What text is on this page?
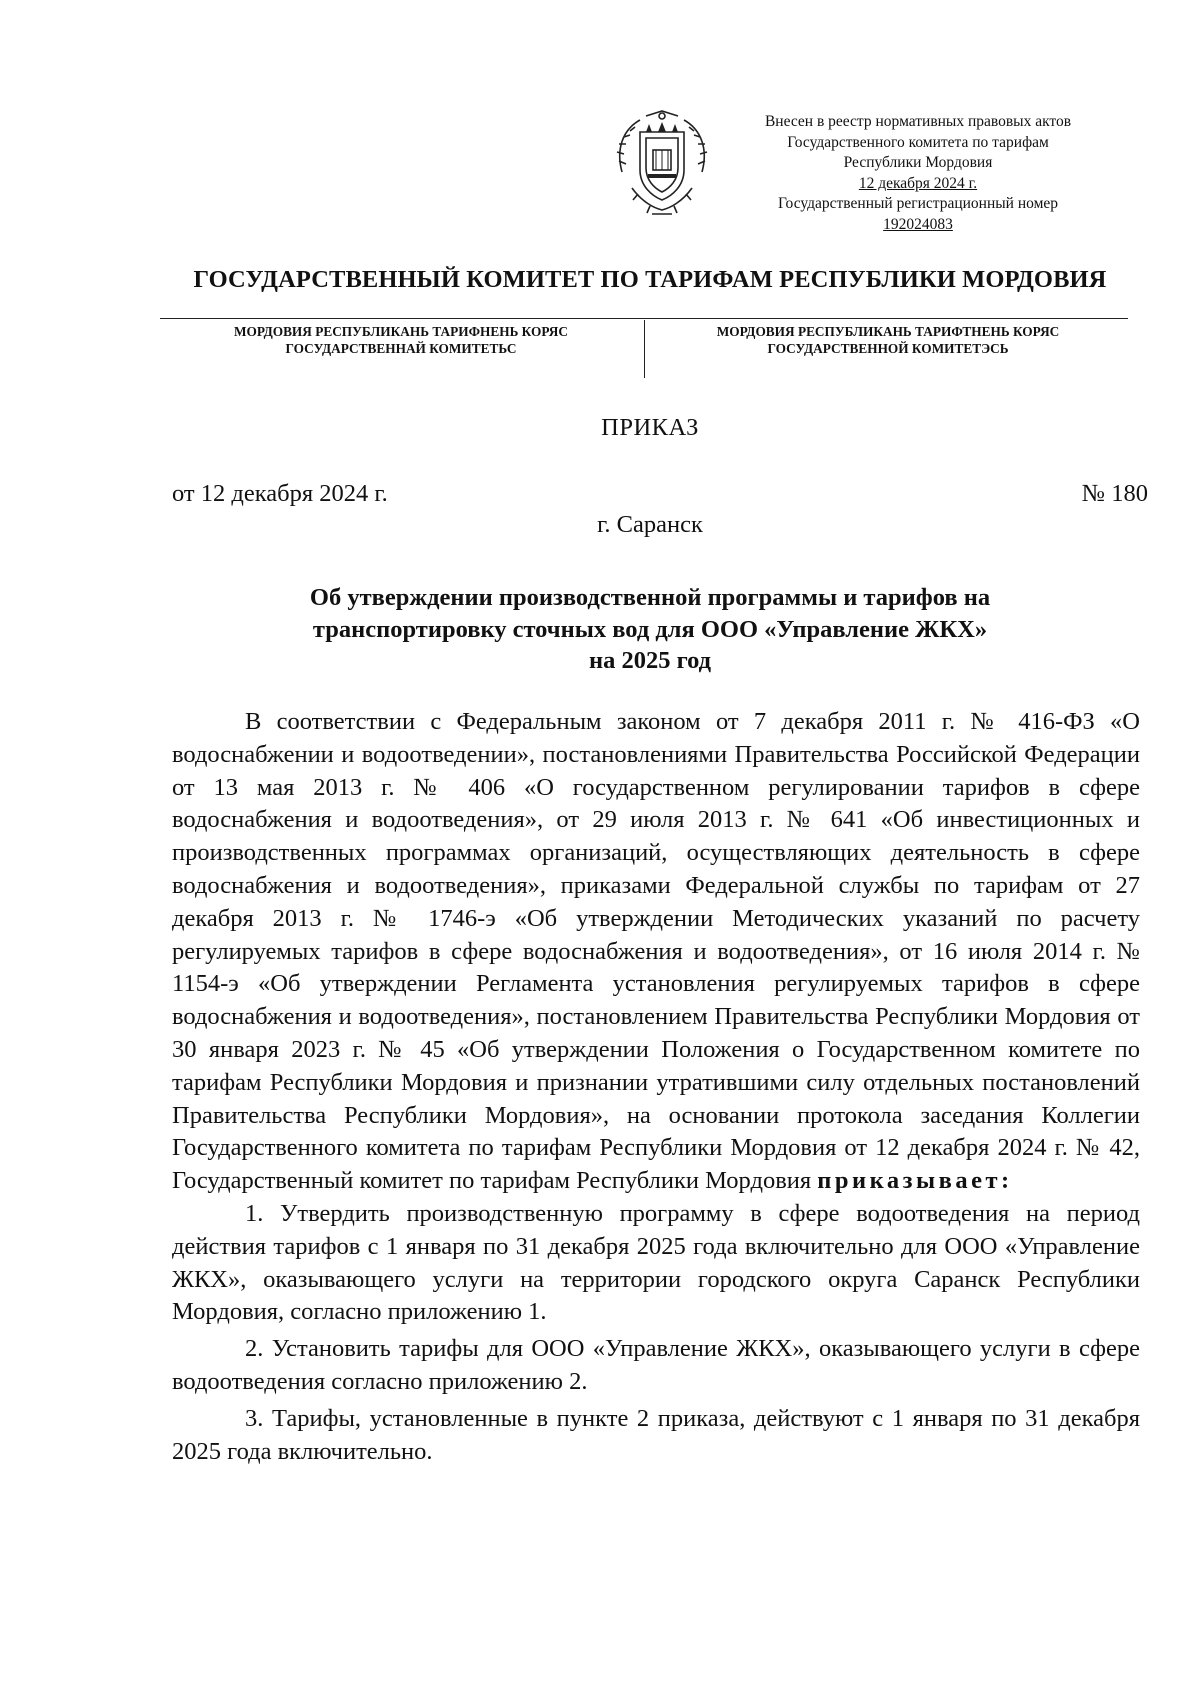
Внесен в реестр нормативных правовых актов
Государственного комитета по тарифам
Республики Мордовия
12 декабря 2024 г.
Государственный регистрационный номер
192024083
ГОСУДАРСТВЕННЫЙ КОМИТЕТ ПО ТАРИФАМ РЕСПУБЛИКИ МОРДОВИЯ
МОРДОВИЯ РЕСПУБЛИКАНЬ ТАРИФНЕНЬ КОРЯС
ГОСУДАРСТВЕННАЙ КОМИТЕТЬС
МОРДОВИЯ РЕСПУБЛИКАНЬ ТАРИФТНЕНЬ КОРЯС
ГОСУДАРСТВЕННОЙ КОМИТЕТЭСЬ
ПРИКАЗ
от 12 декабря 2024 г.	№ 180
г. Саранск
Об утверждении производственной программы и тарифов на
транспортировку сточных вод для ООО «Управление ЖКХ»
на 2025 год

В соответствии с Федеральным законом от 7 декабря 2011 г. № 416-ФЗ «О водоснабжении и водоотведении», постановлениями Правительства Российской Федерации от 13 мая 2013 г. № 406 «О государственном регулировании тарифов в сфере водоснабжения и водоотведения», от 29 июля 2013 г. № 641 «Об инвестиционных и производственных программах организаций, осуществляющих деятельность в сфере водоснабжения и водоотведения», приказами Федеральной службы по тарифам от 27 декабря 2013 г. № 1746-э «Об утверждении Методических указаний по расчету регулируемых тарифов в сфере водоснабжения и водоотведения», от 16 июля 2014 г. № 1154-э «Об утверждении Регламента установления регулируемых тарифов в сфере водоснабжения и водоотведения», постановлением Правительства Республики Мордовия от 30 января 2023 г. № 45 «Об утверждении Положения о Государственном комитете по тарифам Республики Мордовия и признании утратившими силу отдельных постановлений Правительства Республики Мордовия», на основании протокола заседания Коллегии Государственного комитета по тарифам Республики Мордовия от 12 декабря 2024 г. № 42, Государственный комитет по тарифам Республики Мордовия приказывает:

1. Утвердить производственную программу в сфере водоотведения на период действия тарифов с 1 января по 31 декабря 2025 года включительно для ООО «Управление ЖКХ», оказывающего услуги на территории городского округа Саранск Республики Мордовия, согласно приложению 1.

2. Установить тарифы для ООО «Управление ЖКХ», оказывающего услуги в сфере водоотведения согласно приложению 2.

3. Тарифы, установленные в пункте 2 приказа, действуют с 1 января по 31 декабря 2025 года включительно.
